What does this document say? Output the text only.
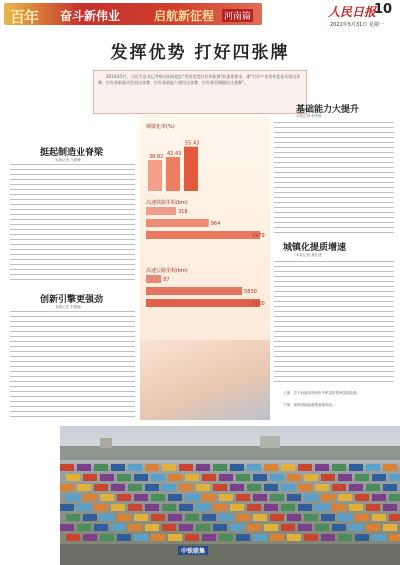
百年 奋斗新伟业	启航新征程 河南篇	人民日报
10
2021年5月31日 星期一
发挥优势 打好四张牌
2014年5月，习近平总书记考察河南时提出"发挥优势打好四张牌"的重要要求，即"打好产业结构优化升级这张牌、打好创新驱动发展这张牌、打好基础能力建设这张牌、打好新型城镇化这张牌"。
挺起制造业脊梁
本报记者 马跃峰
创新引擎更强劲
本报记者 朱佩娴
38.82 42.43
55.43
318
964
1979
87
5830
7100
城镇化率(%)
高速铁路里程(km)
高速公路里程(km)
基础能力大提升
本报记者 李家鼎
城镇化提质增速
本报记者 龚仕建
上图：位于河南省郑州市中牟县的郑州国际陆港。
下图：郑州国际陆港集装箱场站。
中铁联集
